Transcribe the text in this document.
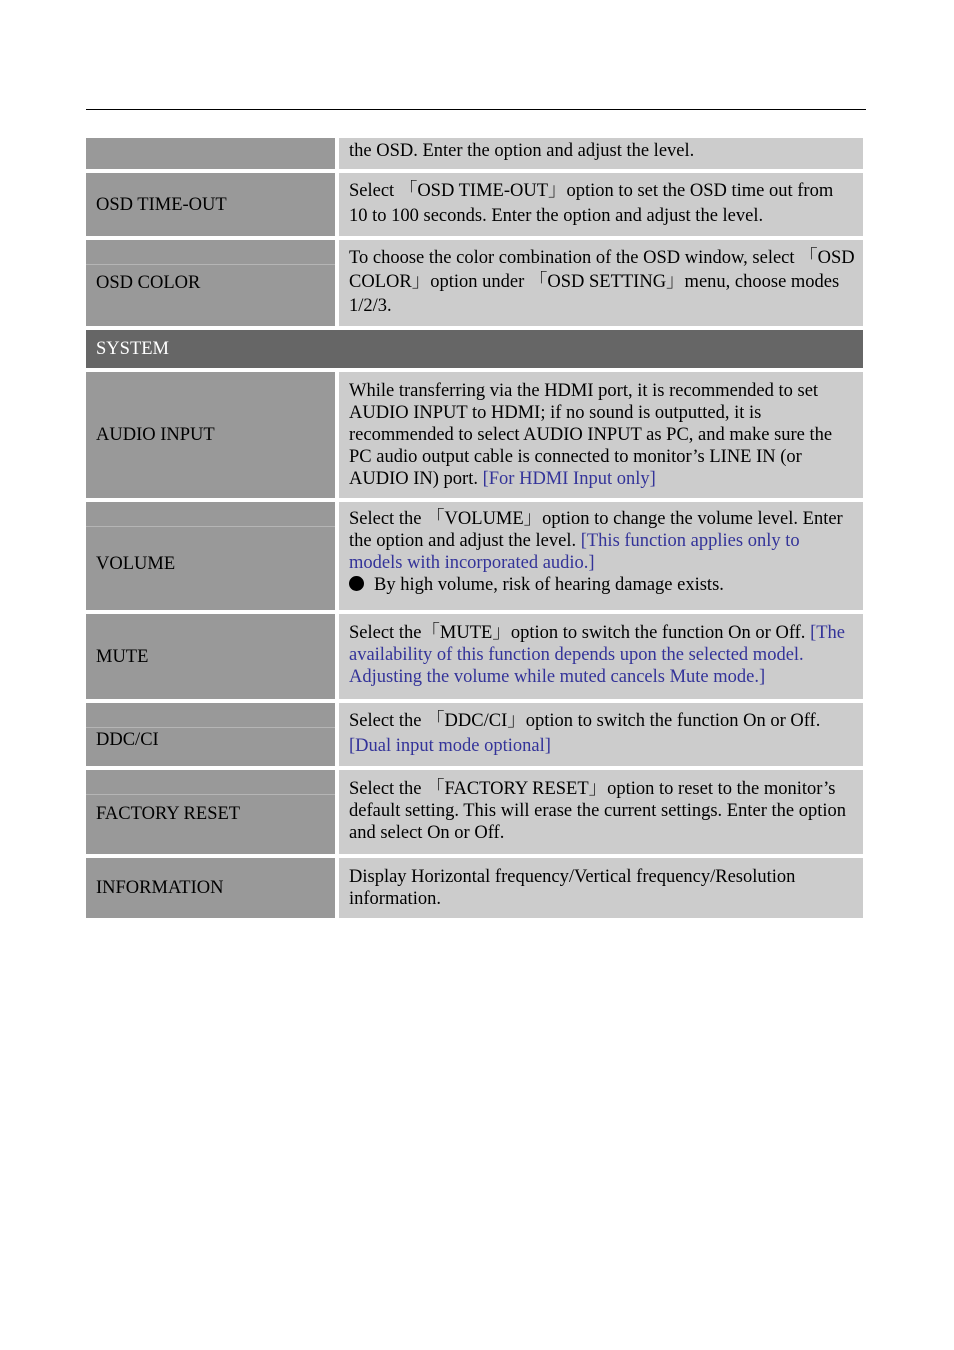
the OSD. Enter the option and adjust the level.
OSD TIME-OUT
Select 「OSD TIME-OUT」option to set the OSD time out from 10 to 100 seconds. Enter the option and adjust the level.
OSD COLOR
To choose the color combination of the OSD window, select 「OSD COLOR」option under 「OSD SETTING」menu, choose modes 1/2/3.
SYSTEM
AUDIO INPUT
While transferring via the HDMI port, it is recommended to set AUDIO INPUT to HDMI; if no sound is outputted, it is recommended to select AUDIO INPUT as PC, and make sure the PC audio output cable is connected to monitor’s LINE IN (or AUDIO IN) port. [For HDMI Input only]
VOLUME
Select the 「VOLUME」option to change the volume level. Enter the option and adjust the level. [This function applies only to models with incorporated audio.]
By high volume, risk of hearing damage exists.
MUTE
Select the「MUTE」option to switch the function On or Off. [The availability of this function depends upon the selected model. Adjusting the volume while muted cancels Mute mode.]
DDC/CI
Select the 「DDC/CI」option to switch the function On or Off.
[Dual input mode optional]
FACTORY RESET
Select the 「FACTORY RESET」option to reset to the monitor’s default setting. This will erase the current settings. Enter the option and select On or Off.
INFORMATION
Display Horizontal frequency/Vertical frequency/Resolution information.
